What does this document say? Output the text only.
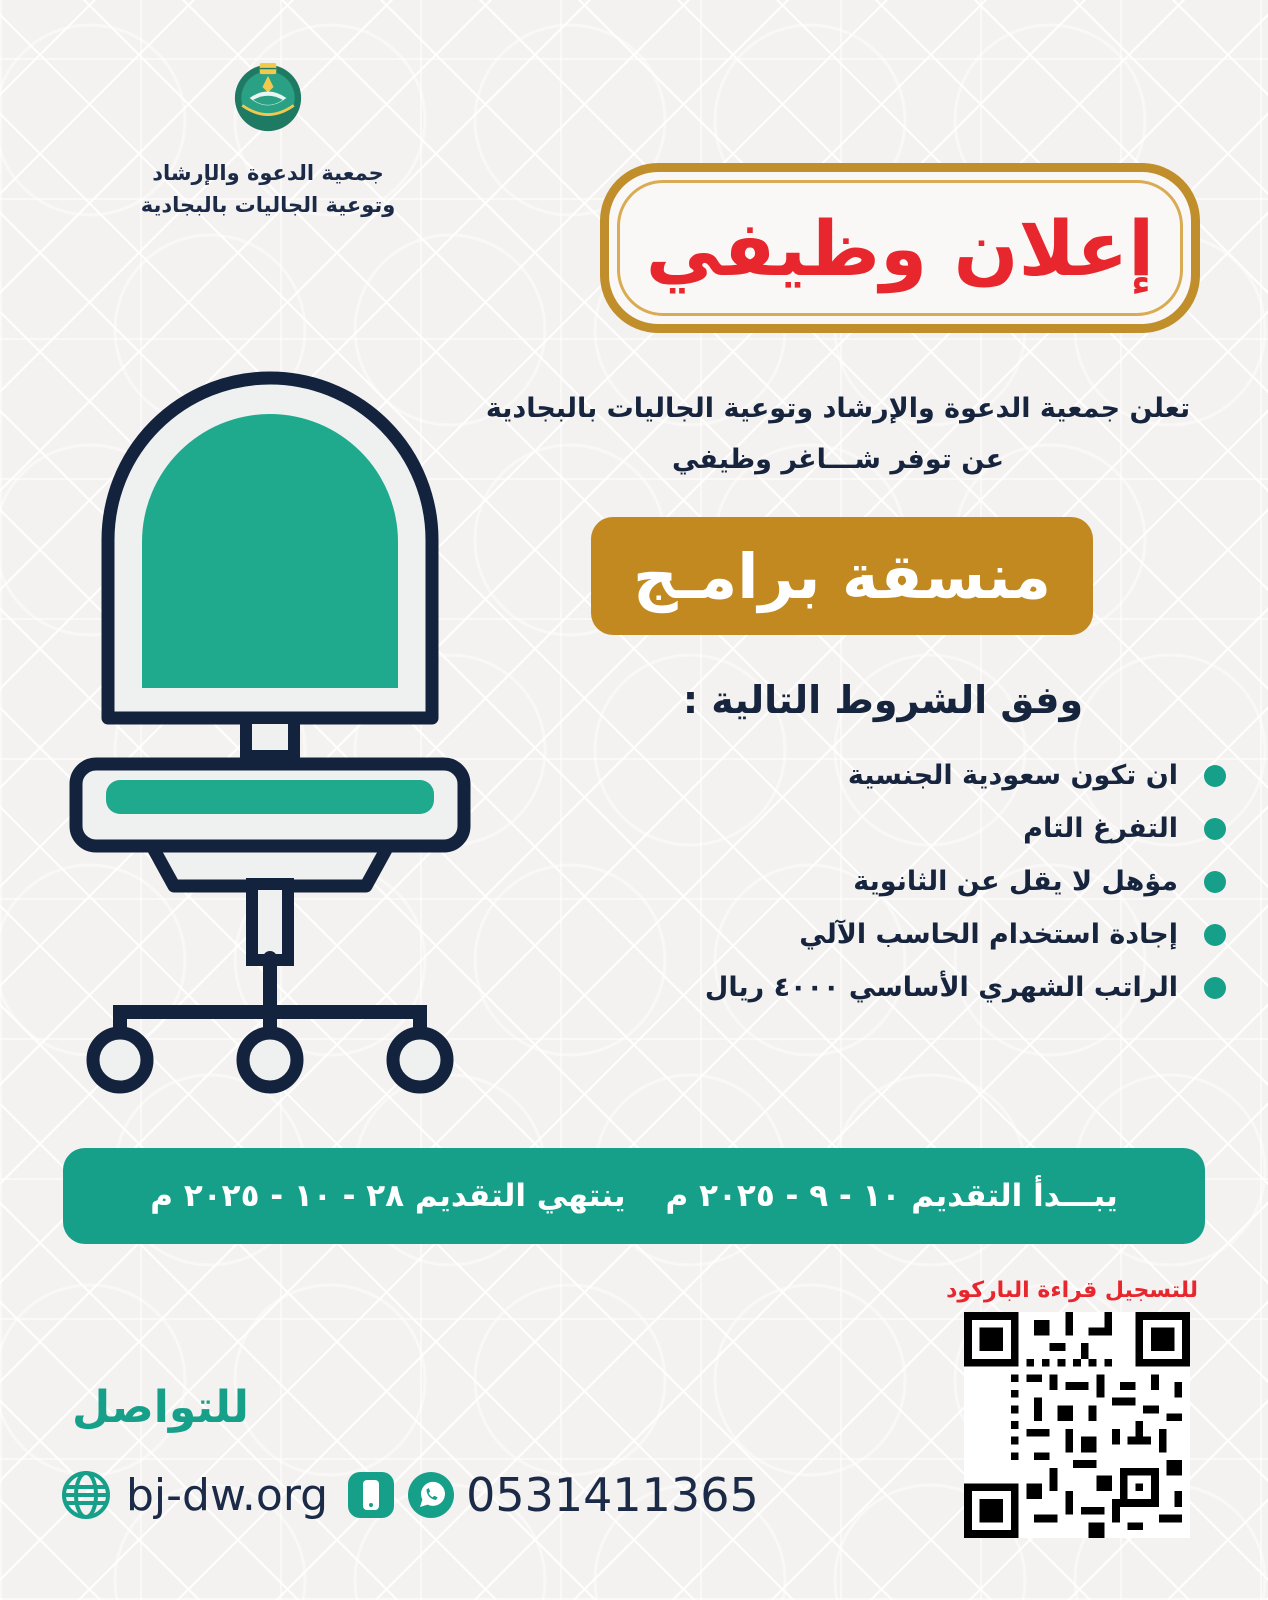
جمعية الدعوة والإرشاد
وتوعية الجاليات بالبجادية	إعلان وظيفي
تعلن جمعية الدعوة والإرشاد وتوعية الجاليات بالبجادية
عن توفر شـــاغر وظيفي
منسقة برامـج
وفق الشروط التالية :
ان تكون سعودية الجنسية
التفرغ التام
مؤهل لا يقل عن الثانوية
إجادة استخدام الحاسب الآلي
الراتب الشهري الأساسي ٤٠٠٠ ريال
يبـــدأ التقديم ١٠ - ٩ - ٢٠٢٥ م
ينتهي التقديم ٢٨ - ١٠ - ٢٠٢٥ م
للتسجيل قراءة الباركود
للتواصل
bj-dw.org	0531411365
